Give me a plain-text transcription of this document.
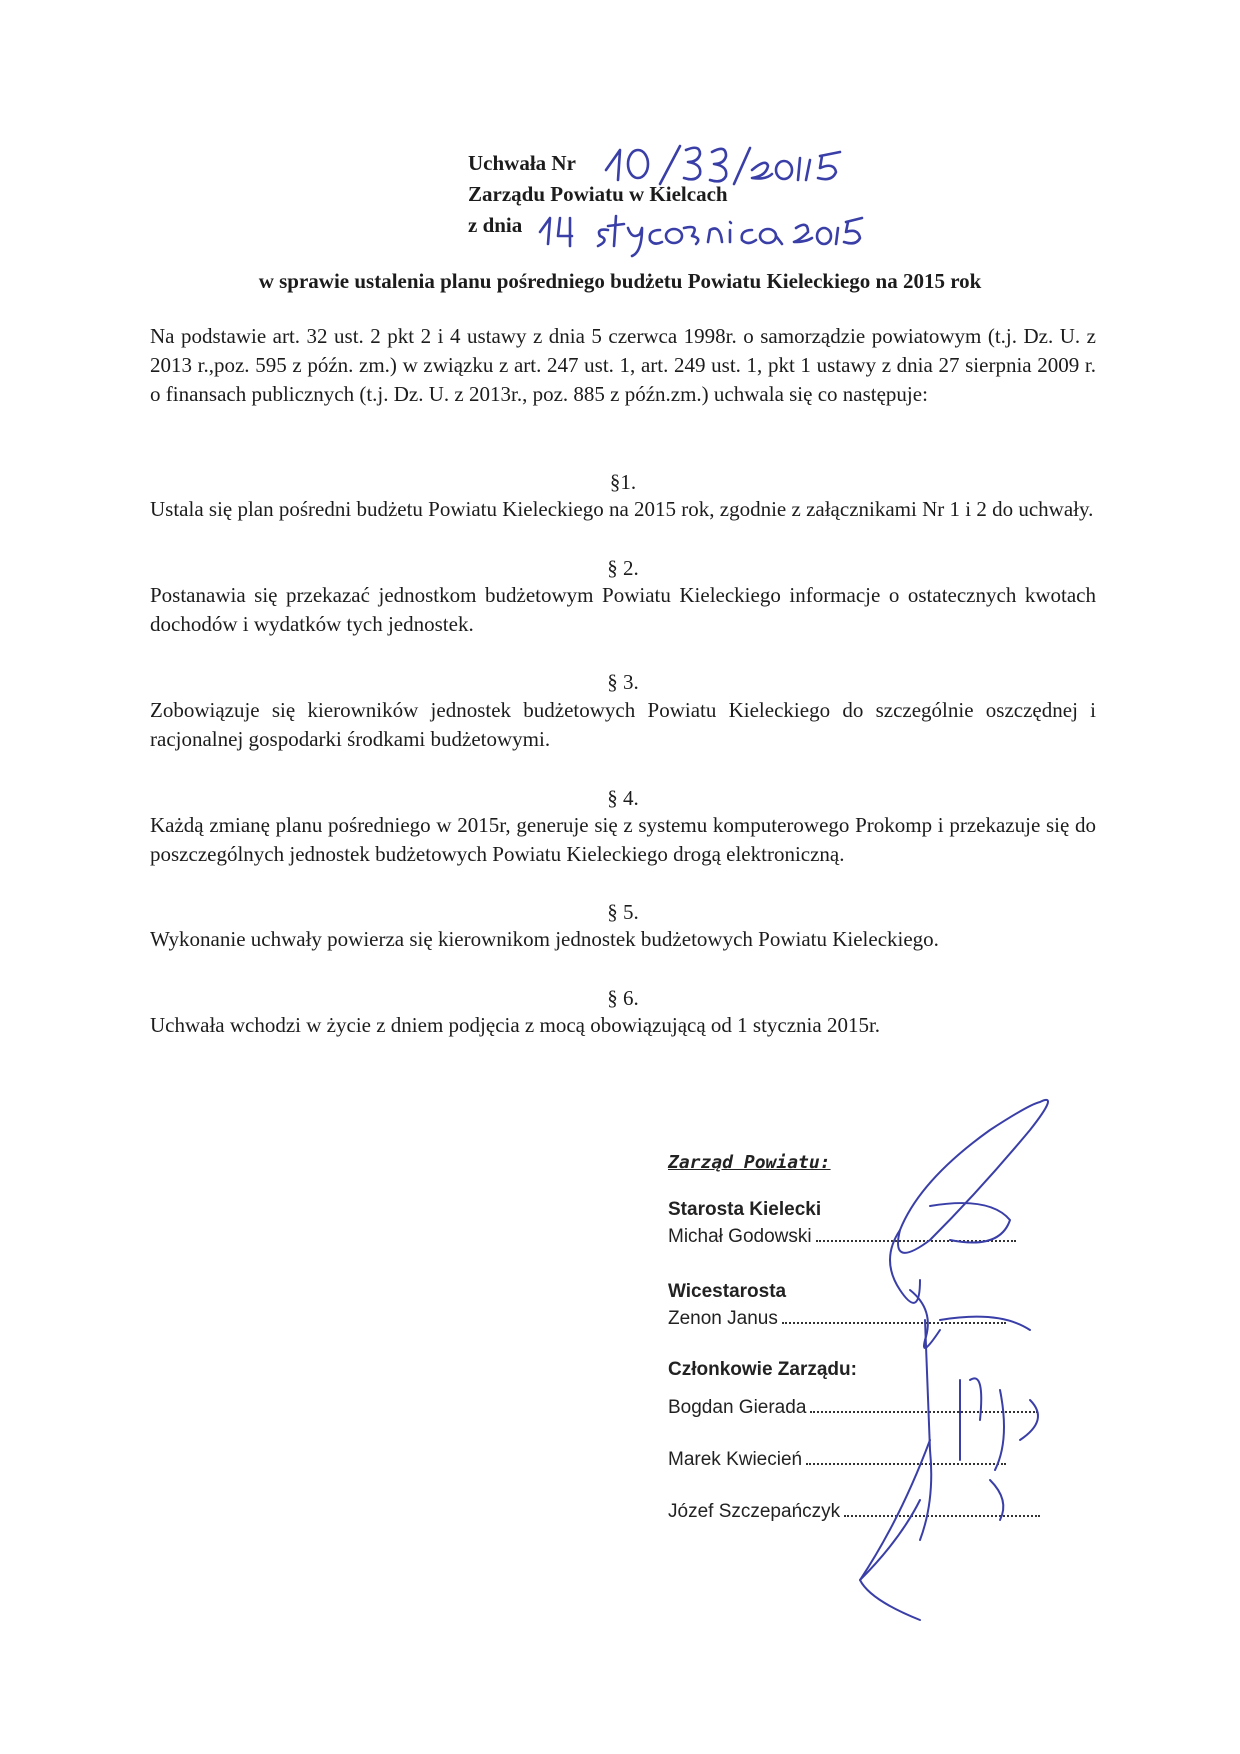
Uchwała Nr
Zarządu Powiatu w Kielcach
z dnia
w sprawie ustalenia planu pośredniego budżetu Powiatu Kieleckiego na 2015 rok
Na podstawie art. 32 ust. 2 pkt 2 i 4 ustawy z dnia 5 czerwca 1998r. o samorządzie powiatowym (t.j. Dz. U. z 2013 r.,poz. 595 z późn. zm.) w związku z art. 247 ust. 1, art. 249 ust. 1, pkt 1 ustawy z dnia 27 sierpnia 2009 r. o finansach publicznych (t.j. Dz. U. z 2013r., poz. 885 z późn.zm.) uchwala się co następuje:
§1.
Ustala się plan pośredni budżetu Powiatu Kieleckiego na 2015 rok, zgodnie z załącznikami Nr 1 i 2 do uchwały.
§ 2.
Postanawia się przekazać jednostkom budżetowym Powiatu Kieleckiego informacje o ostatecznych kwotach dochodów i wydatków tych jednostek.
§ 3.
Zobowiązuje się kierowników jednostek budżetowych Powiatu Kieleckiego do szczególnie oszczędnej i racjonalnej gospodarki środkami budżetowymi.
§ 4.
Każdą zmianę planu pośredniego w 2015r, generuje się z systemu komputerowego Prokomp i przekazuje się do poszczególnych jednostek budżetowych Powiatu Kieleckiego drogą elektroniczną.
§ 5.
Wykonanie uchwały powierza się kierownikom jednostek budżetowych Powiatu Kieleckiego.
§ 6.
Uchwała wchodzi w życie z dniem podjęcia z mocą obowiązującą od 1 stycznia 2015r.
Zarząd Powiatu:
Starosta Kielecki
Michał Godowski
Wicestarosta
Zenon Janus
Członkowie Zarządu:
Bogdan Gierada
Marek Kwiecień
Józef Szczepańczyk
